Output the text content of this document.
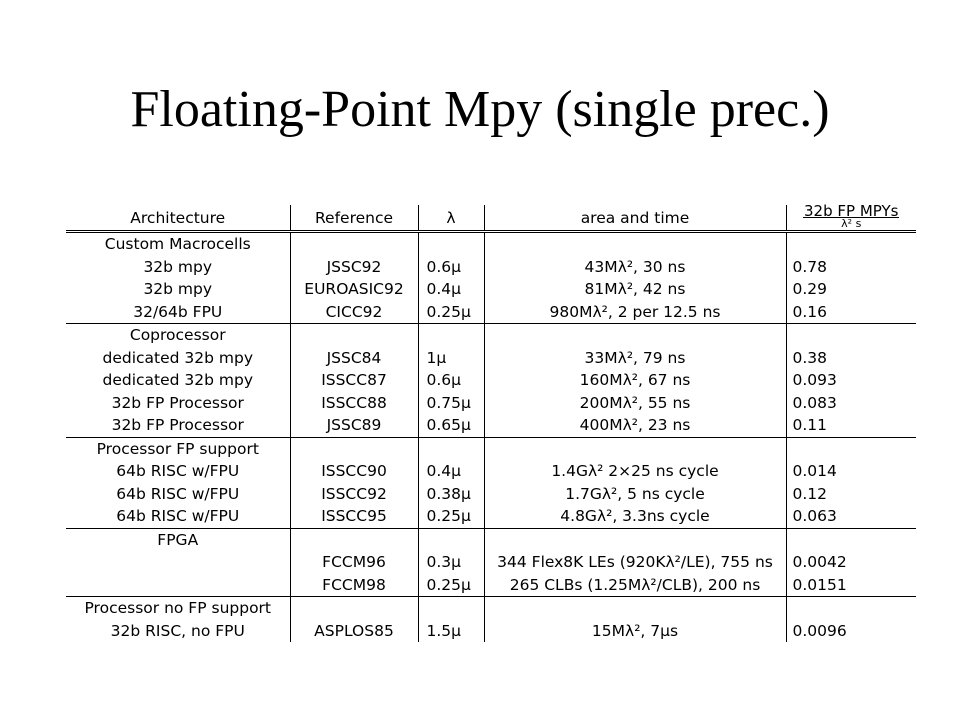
Floating-Point Mpy (single prec.)
Architecture	Reference	λ	area and time	32b FP MPYs
λ² s

Custom Macrocells				
32b mpy	JSSC92	0.6μ	43Mλ², 30 ns	0.78
32b mpy	EUROASIC92	0.4μ	81Mλ², 42 ns	0.29
32/64b FPU	CICC92	0.25μ	980Mλ², 2 per 12.5 ns	0.16
Coprocessor				
dedicated 32b mpy	JSSC84	1μ	33Mλ², 79 ns	0.38
dedicated 32b mpy	ISSCC87	0.6μ	160Mλ², 67 ns	0.093
32b FP Processor	ISSCC88	0.75μ	200Mλ², 55 ns	0.083
32b FP Processor	JSSC89	0.65μ	400Mλ², 23 ns	0.11
Processor FP support				
64b RISC w/FPU	ISSCC90	0.4μ	1.4Gλ² 2×25 ns cycle	0.014
64b RISC w/FPU	ISSCC92	0.38μ	1.7Gλ², 5 ns cycle	0.12
64b RISC w/FPU	ISSCC95	0.25μ	4.8Gλ², 3.3ns cycle	0.063
FPGA				
	FCCM96	0.3μ	344 Flex8K LEs (920Kλ²/LE), 755 ns	0.0042
	FCCM98	0.25μ	265 CLBs (1.25Mλ²/CLB), 200 ns	0.0151
Processor no FP support				
32b RISC, no FPU	ASPLOS85	1.5μ	15Mλ², 7μs	0.0096
